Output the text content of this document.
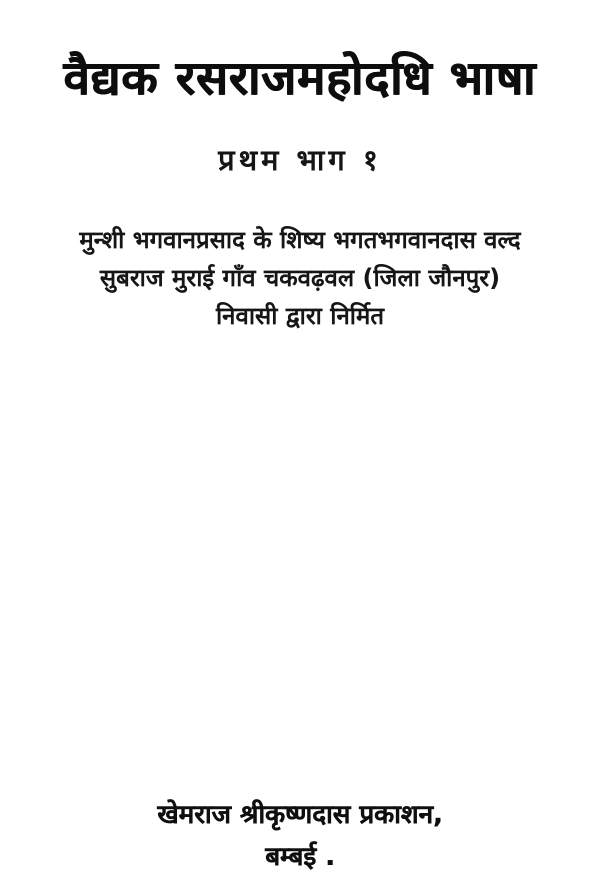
वैद्यक रसराजमहोदधि भाषा

प्रथम भाग १

मुन्शी भगवानप्रसाद के शिष्य भगतभगवानदास वल्द

सुबराज मुराई गाँव चकवढ़वल (जिला जौनपुर)

निवासी द्वारा निर्मित

खेमराज श्रीकृष्णदास प्रकाशन,

बम्बई .
